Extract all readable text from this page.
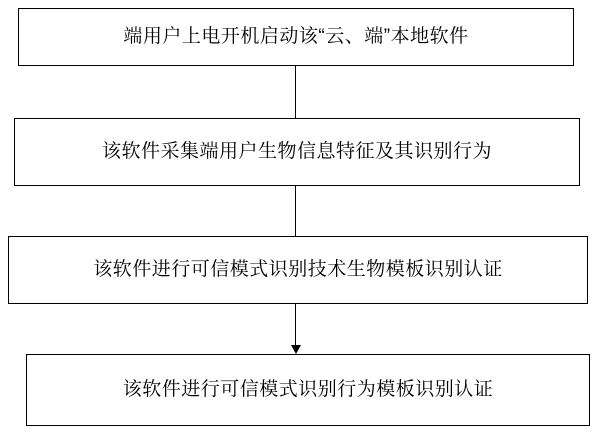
端用户上电开机启动该“云、端”本地软件
该软件采集端用户生物信息特征及其识别行为
该软件进行可信模式识别技术生物模板识别认证
该软件进行可信模式识别行为模板识别认证
